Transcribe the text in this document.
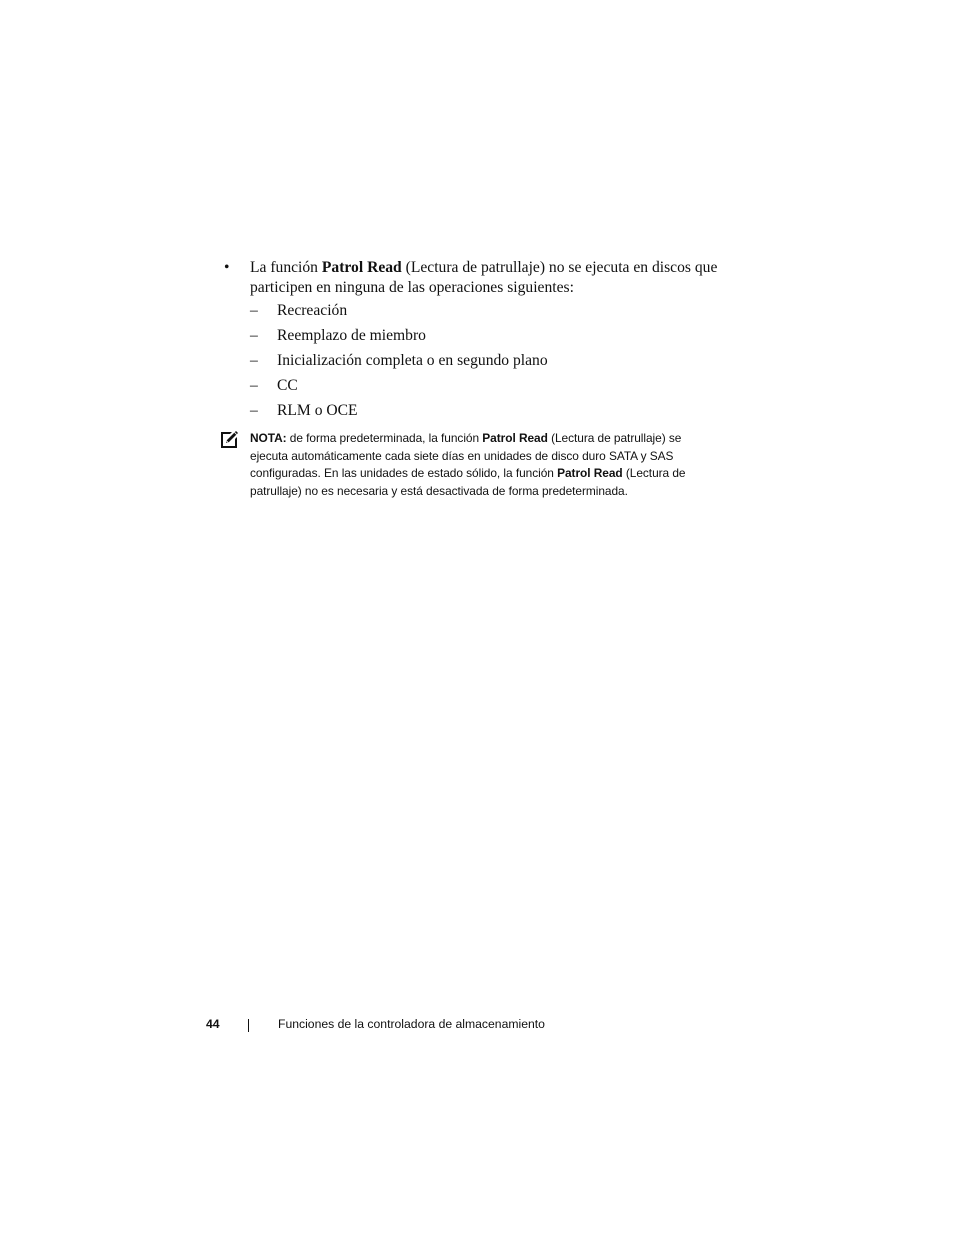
•	La función Patrol Read (Lectura de patrullaje) no se ejecuta en discos que participen en ninguna de las operaciones siguientes:
– Recreación
– Reemplazo de miembro
– Inicialización completa o en segundo plano
– CC
– RLM o OCE
NOTA: de forma predeterminada, la función Patrol Read (Lectura de patrullaje) se ejecuta automáticamente cada siete días en unidades de disco duro SATA y SAS configuradas. En las unidades de estado sólido, la función Patrol Read (Lectura de patrullaje) no es necesaria y está desactivada de forma predeterminada.
44	Funciones de la controladora de almacenamiento
